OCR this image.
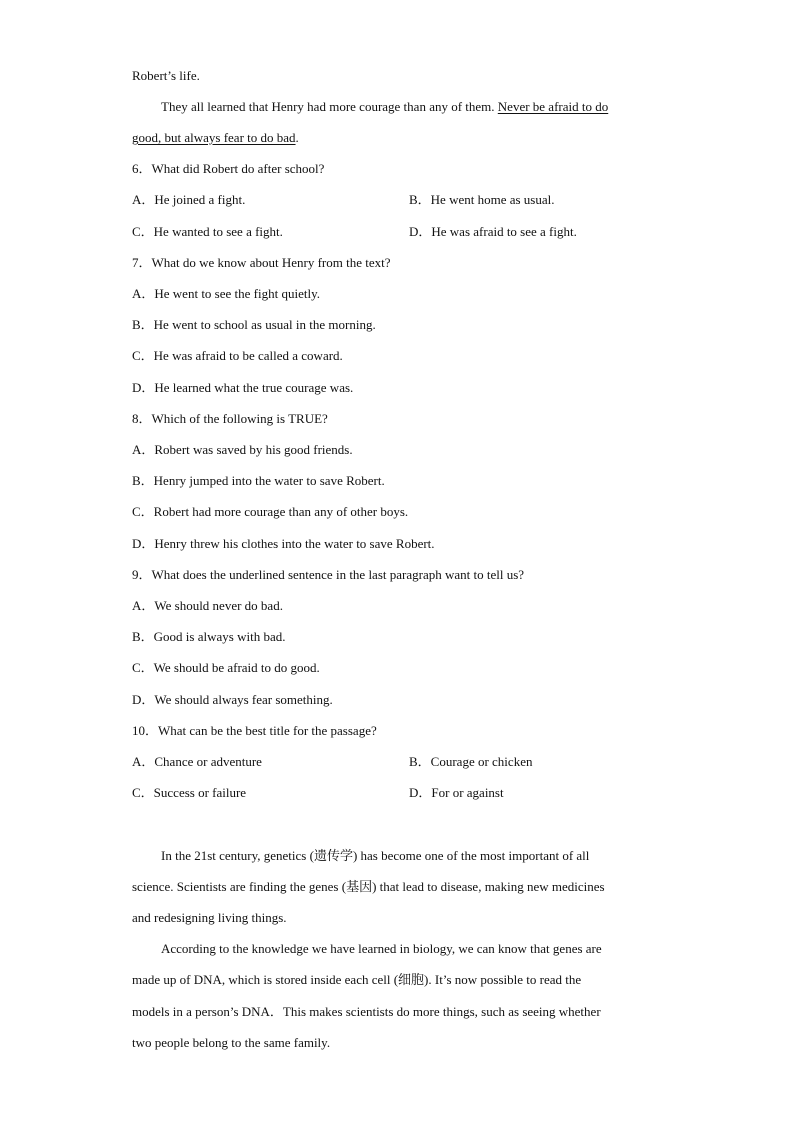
Robert’s life.
They all learned that Henry had more courage than any of them. Never be afraid to do
good, but always fear to do bad.
6．What did Robert do after school?
A．He joined a fight.	B．He went home as usual.
C．He wanted to see a fight.	D．He was afraid to see a fight.
7．What do we know about Henry from the text?
A．He went to see the fight quietly.
B．He went to school as usual in the morning.
C．He was afraid to be called a coward.
D．He learned what the true courage was.
8．Which of the following is TRUE?
A．Robert was saved by his good friends.
B．Henry jumped into the water to save Robert.
C．Robert had more courage than any of other boys.
D．Henry threw his clothes into the water to save Robert.
9．What does the underlined sentence in the last paragraph want to tell us?
A．We should never do bad.
B．Good is always with bad.
C．We should be afraid to do good.
D．We should always fear something.
10．What can be the best title for the passage?
A．Chance or adventure	B．Courage or chicken
C．Success or failure	D．For or against
In the 21st century, genetics (遗传学) has become one of the most important of all
science. Scientists are finding the genes (基因) that lead to disease, making new medicines
and redesigning living things.
According to the knowledge we have learned in biology, we can know that genes are
made up of DNA, which is stored inside each cell (细胞). It’s now possible to read the
models in a person’s DNA．This makes scientists do more things, such as seeing whether
two people belong to the same family.
